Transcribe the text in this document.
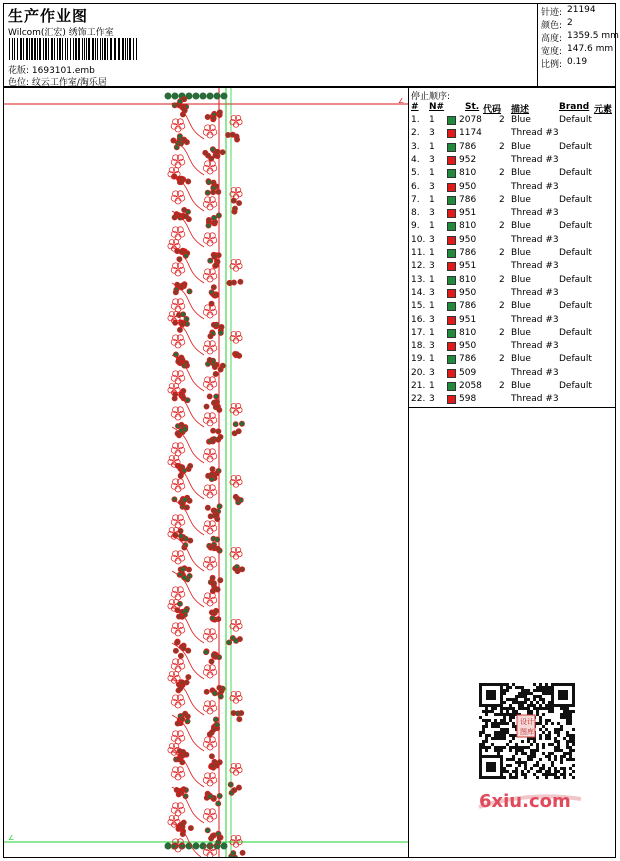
生产作业图
Wilcom(汇宏) 绣饰工作室
花版: 1693101.emb
色位: 纹云工作室/淘乐居
针迹: 21194
颜色: 2
高度: 1359.5 mm
宽度: 147.6 mm
比例: 0.19
∠
∠
停止顺序:
# N# St. 代码 描述	Brand 元素
1. 1	2078 2 Blue	Default
2. 3	1174	Thread #3
3. 1	786	2 Blue	Default
4. 3	952	Thread #3
5. 1	810	2 Blue	Default
6. 3	950	Thread #3
7. 1	786	2 Blue	Default
8. 3	951	Thread #3
9. 1	810	2 Blue	Default
10. 3	950	Thread #3
11. 1	786	2 Blue	Default
12. 3	951	Thread #3
13. 1	810	2 Blue	Default
14. 3	950	Thread #3
15. 1	786	2 Blue	Default
16. 3	951	Thread #3
17. 1	810	2 Blue	Default
18. 3	950	Thread #3
19. 1	786	2 Blue	Default
20. 3	509	Thread #3
21. 1	2058 2 Blue	Default
22. 3	598	Thread #3
设 计
图 库
6xiu.com
